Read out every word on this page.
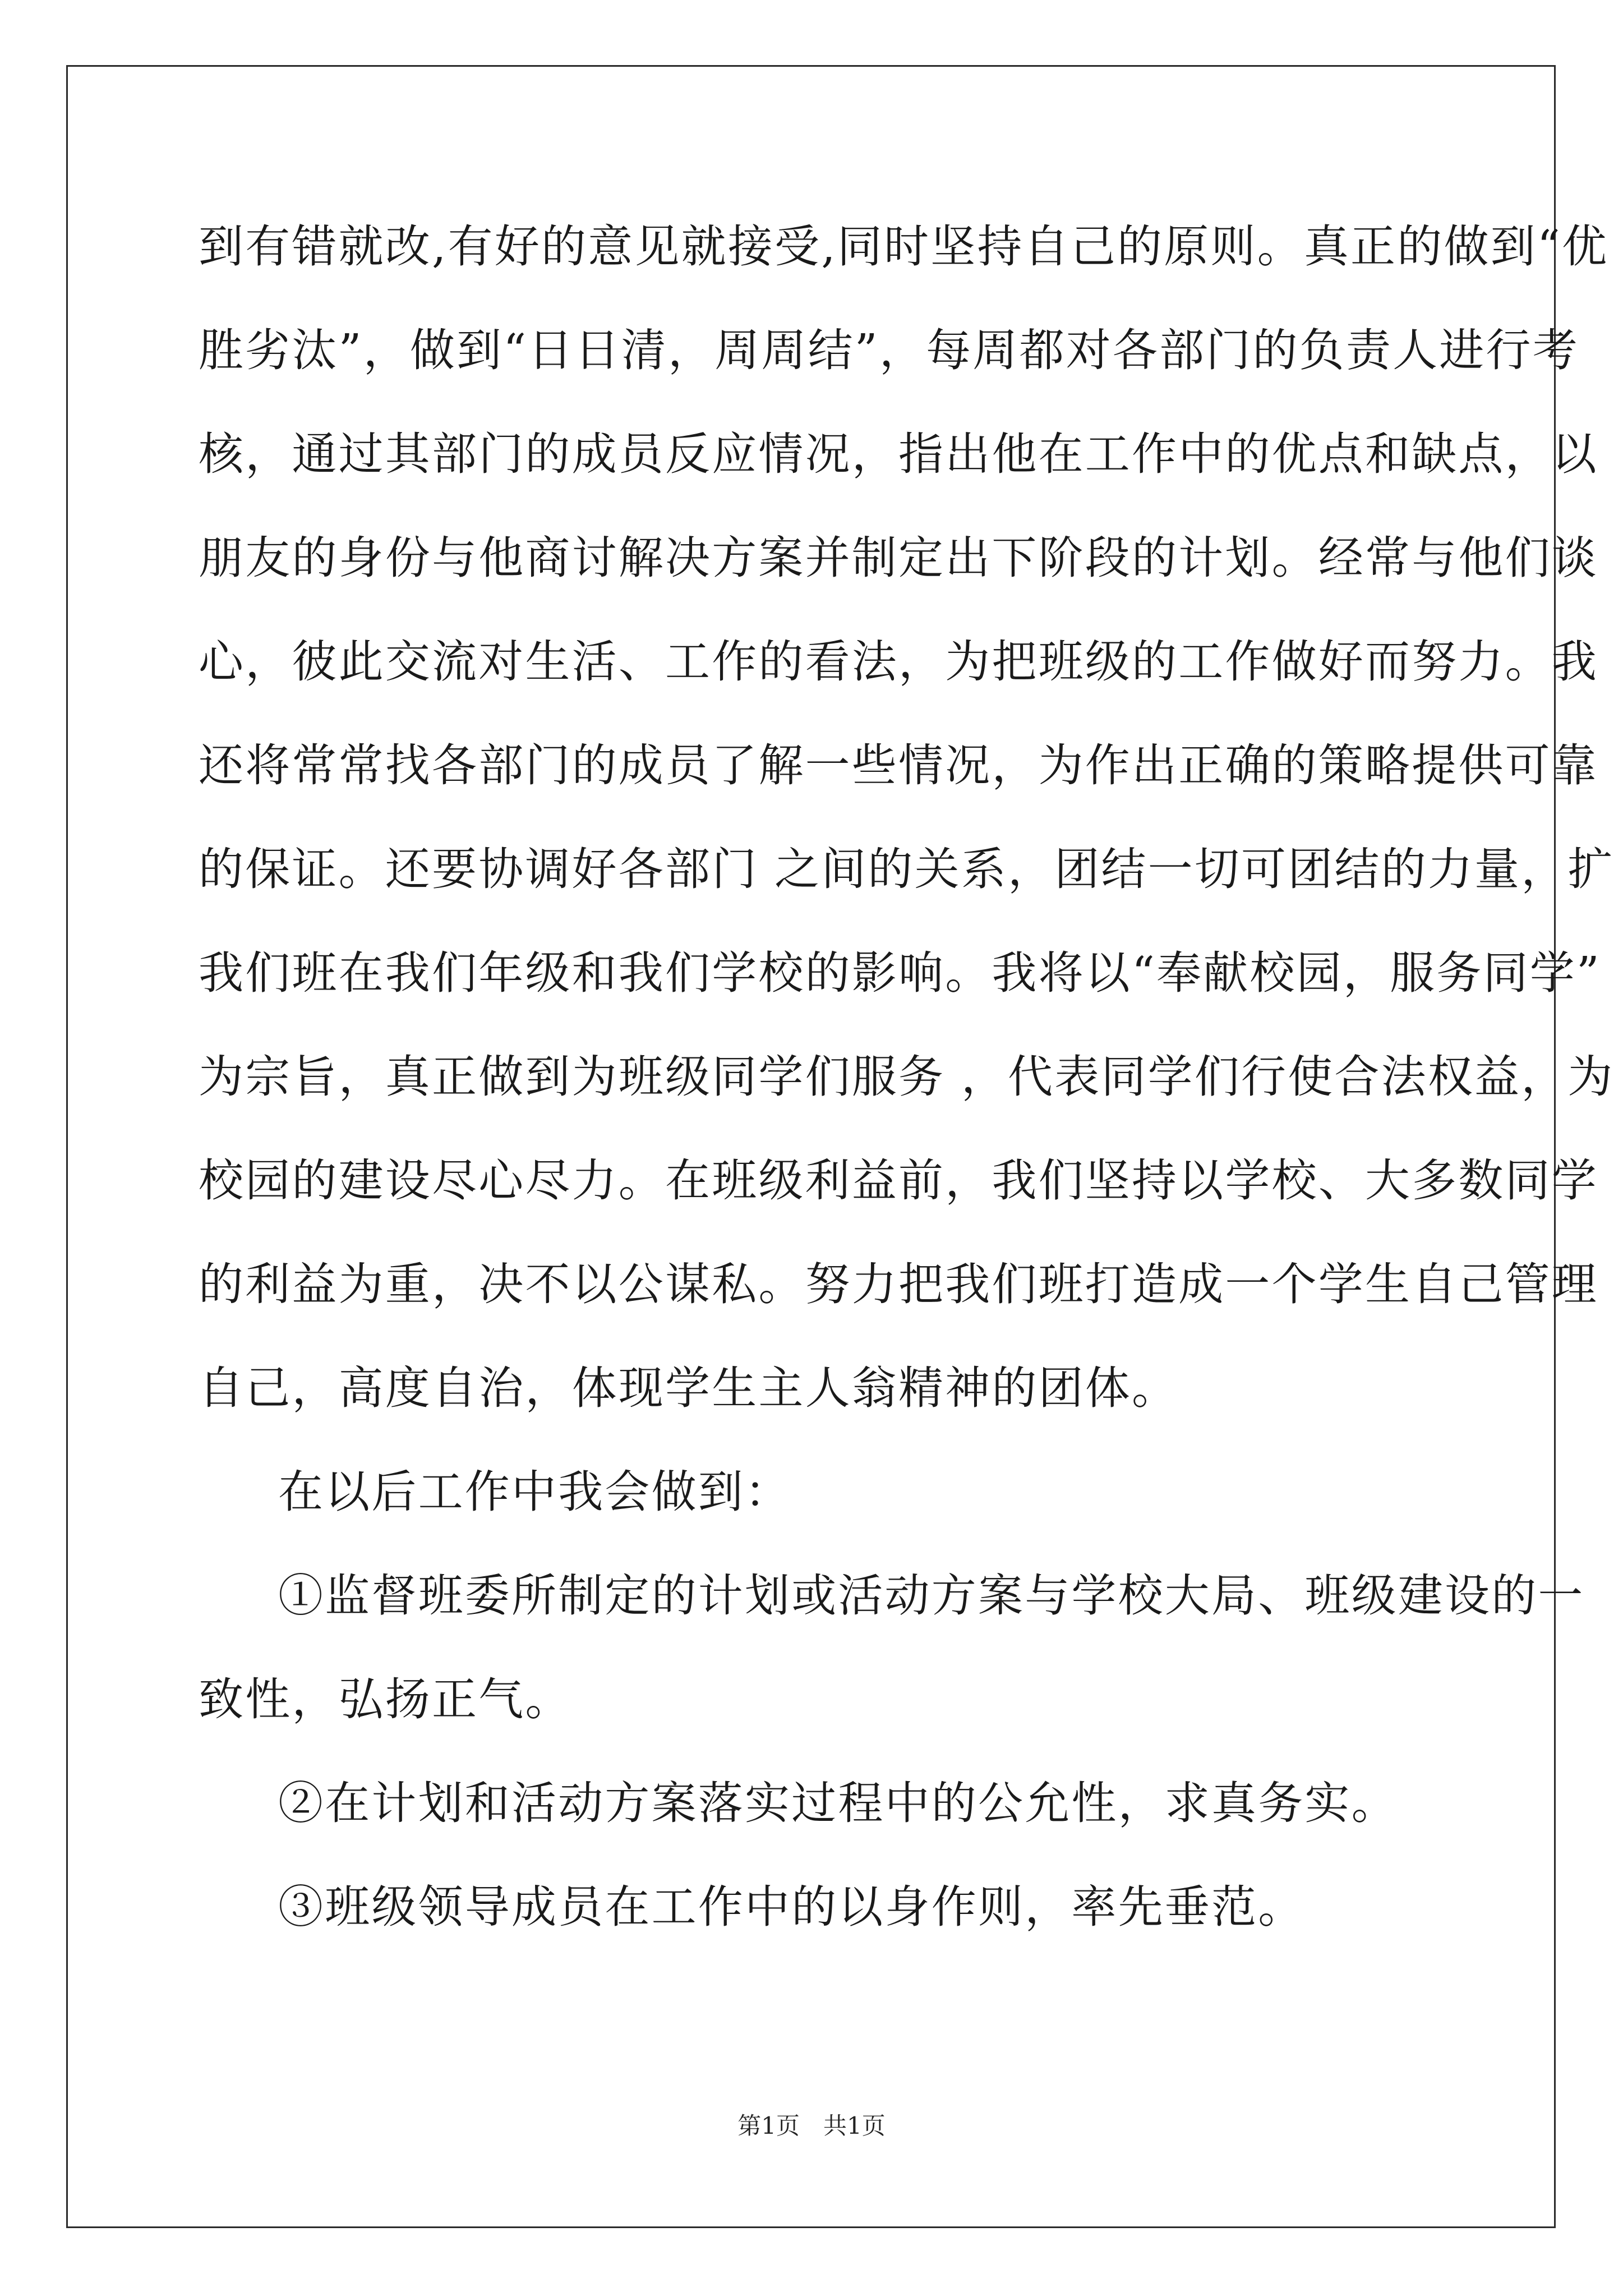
到有错就改,有好的意见就接受,同时坚持自己的原则。真正的做到“优
胜劣汰”，做到“日日清，周周结”，每周都对各部门的负责人进行考
核，通过其部门的成员反应情况，指出他在工作中的优点和缺点，以
朋友的身份与他商讨解决方案并制定出下阶段的计划。经常与他们谈
心，彼此交流对生活、工作的看法，为把班级的工作做好而努力。我
还将常常找各部门的成员了解一些情况，为作出正确的策略提供可靠
的保证。还要协调好各部门 之间的关系，团结一切可团结的力量，扩
我们班在我们年级和我们学校的影响。我将以“奉献校园，服务同学”
为宗旨，真正做到为班级同学们服务 ，代表同学们行使合法权益，为
校园的建设尽心尽力。在班级利益前，我们坚持以学校、大多数同学
的利益为重，决不以公谋私。努力把我们班打造成一个学生自己管理
自己，高度自治，体现学生主人翁精神的团体。
在以后工作中我会做到：
①监督班委所制定的计划或活动方案与学校大局、班级建设的一
致性，弘扬正气。
②在计划和活动方案落实过程中的公允性，求真务实。
③班级领导成员在工作中的以身作则，率先垂范。
第1页　共1页
